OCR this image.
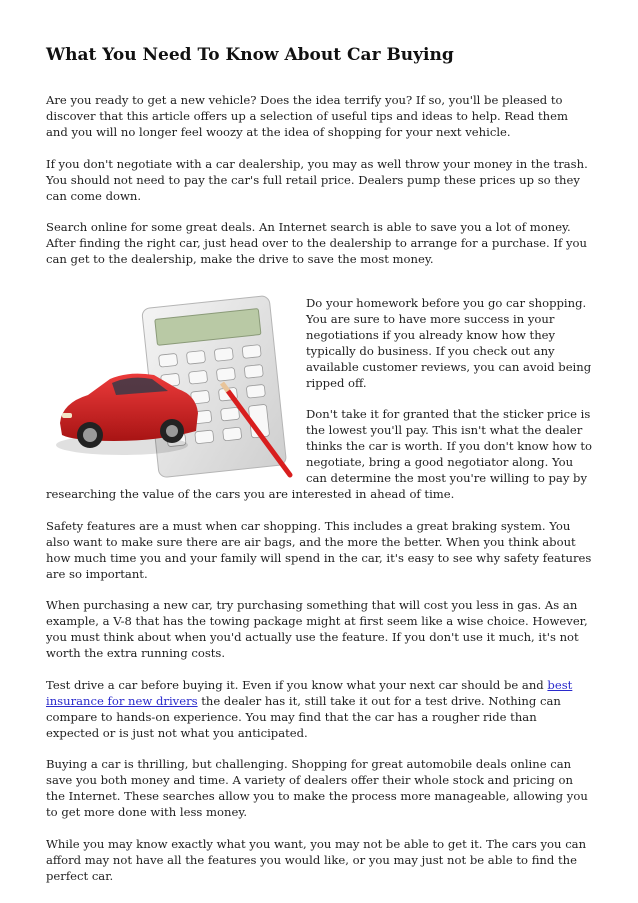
What You Need To Know About Car Buying

Are you ready to get a new vehicle? Does the idea terrify you? If so, you'll be pleased to discover that this article offers up a selection of useful tips and ideas to help. Read them and you will no longer feel woozy at the idea of shopping for your next vehicle.

If you don't negotiate with a car dealership, you may as well throw your money in the trash. You should not need to pay the car's full retail price. Dealers pump these prices up so they can come down.

Search online for some great deals. An Internet search is able to save you a lot of money. After finding the right car, just head over to the dealership to arrange for a purchase. If you can get to the dealership, make the drive to save the most money.

Do your homework before you go car shopping. You are sure to have more success in your negotiations if you already know how they typically do business. If you check out any available customer reviews, you can avoid being ripped off.

Don't take it for granted that the sticker price is the lowest you'll pay. This isn't what the dealer thinks the car is worth. If you don't know how to negotiate, bring a good negotiator along. You can determine the most you're willing to pay by researching the value of the cars you are interested in ahead of time.

Safety features are a must when car shopping. This includes a great braking system. You also want to make sure there are air bags, and the more the better. When you think about how much time you and your family will spend in the car, it's easy to see why safety features are so important.

When purchasing a new car, try purchasing something that will cost you less in gas. As an example, a V-8 that has the towing package might at first seem like a wise choice. However, you must think about when you'd actually use the feature. If you don't use it much, it's not worth the extra running costs.

Test drive a car before buying it. Even if you know what your next car should be and best insurance for new drivers the dealer has it, still take it out for a test drive. Nothing can compare to hands-on experience. You may find that the car has a rougher ride than expected or is just not what you anticipated.

Buying a car is thrilling, but challenging. Shopping for great automobile deals online can save you both money and time. A variety of dealers offer their whole stock and pricing on the Internet. These searches allow you to make the process more manageable, allowing you to get more done with less money.

While you may know exactly what you want, you may not be able to get it. The cars you can afford may not have all the features you would like, or you may just not be able to find the perfect car.
